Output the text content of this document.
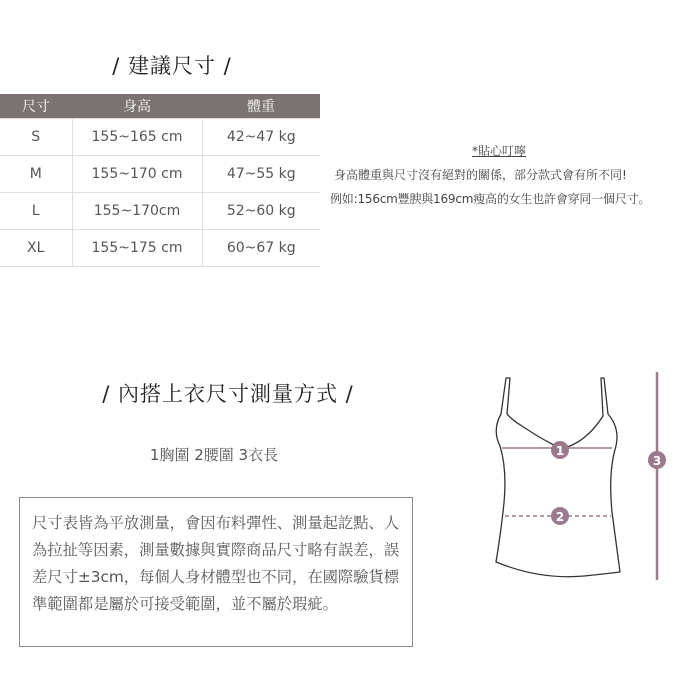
/ 建議尺寸 /
尺寸	身高	體重
S	155~165 cm	42~47 kg
M	155~170 cm	47~55 kg
L	155~170cm	52~60 kg
XL	155~175 cm	60~67 kg
*貼心叮嚀
身高體重與尺寸沒有絕對的關係，部分款式會有所不同!
例如:156cm豐腴與169cm瘦高的女生也許會穿同一個尺寸。
/ 內搭上衣尺寸測量方式 /
1胸圍 2腰圍 3衣長
尺寸表皆為平放測量，會因布料彈性、測量起訖點、人為拉扯等因素，測量數據與實際商品尺寸略有誤差，誤差尺寸±3cm，每個人身材體型也不同，在國際驗貨標準範圍都是屬於可接受範圍，並不屬於瑕疵。
1
2
3
